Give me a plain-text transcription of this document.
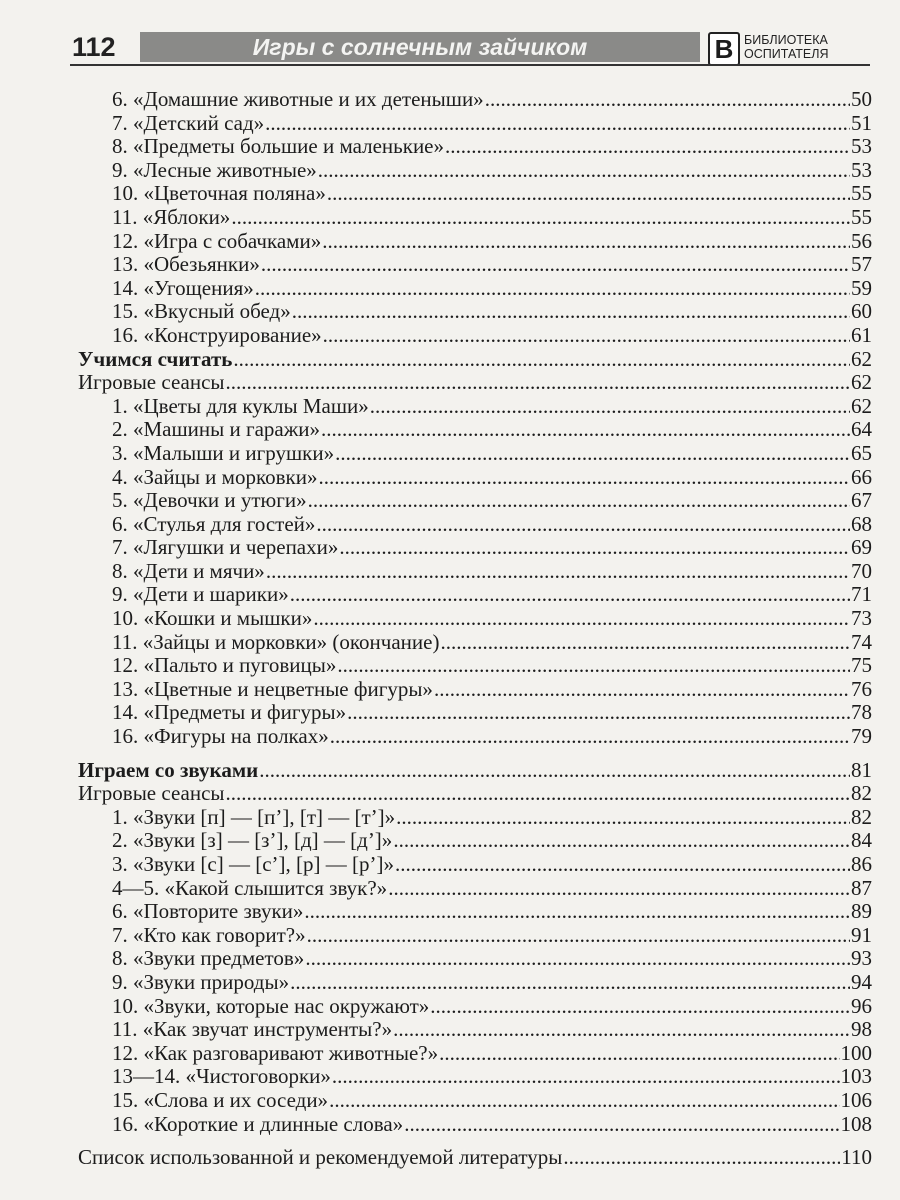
112	Игры с солнечным зайчиком	В БИБЛИОТЕКА
ОСПИТАТЕЛЯ
6. «Домашние животные и их детеныши» .....	50
7. «Детский сад» .....	51
8. «Предметы большие и маленькие» .....	53
9. «Лесные животные» .....	53
10. «Цветочная поляна» .....	55
11. «Яблоки» .....	55
12. «Игра с собачками» .....	56
13. «Обезьянки» .....	57
14. «Угощения» .....	59
15. «Вкусный обед» .....	60
16. «Конструирование» .....	61
Учимся считать .....	62
Игровые сеансы .....	62
1. «Цветы для куклы Маши» .....	62
2. «Машины и гаражи» .....	64
3. «Малыши и игрушки» .....	65
4. «Зайцы и морковки» .....	66
5. «Девочки и утюги» .....	67
6. «Стулья для гостей» .....	68
7. «Лягушки и черепахи» .....	69
8. «Дети и мячи» .....	70
9. «Дети и шарики» .....	71
10. «Кошки и мышки» .....	73
11. «Зайцы и морковки» (окончание) .....	74
12. «Пальто и пуговицы» .....	75
13. «Цветные и нецветные фигуры» .....	76
14. «Предметы и фигуры» .....	78
16. «Фигуры на полках» .....	79
Играем со звуками .....	81
Игровые сеансы .....	82
1. «Звуки [п] — [п’], [т] — [т’]» .....	82
2. «Звуки [з] — [з’], [д] — [д’]» .....	84
3. «Звуки [с] — [с’], [р] — [р’]» .....	86
4—5. «Какой слышится звук?» .....	87
6. «Повторите звуки» .....	89
7. «Кто как говорит?» .....	91
8. «Звуки предметов» .....	93
9. «Звуки природы» .....	94
10. «Звуки, которые нас окружают» .....	96
11. «Как звучат инструменты?» .....	98
12. «Как разговаривают животные?» .....	100
13—14. «Чистоговорки» .....	103
15. «Слова и их соседи» .....	106
16. «Короткие и длинные слова» .....	108
Список использованной и рекомендуемой литературы .....	110
